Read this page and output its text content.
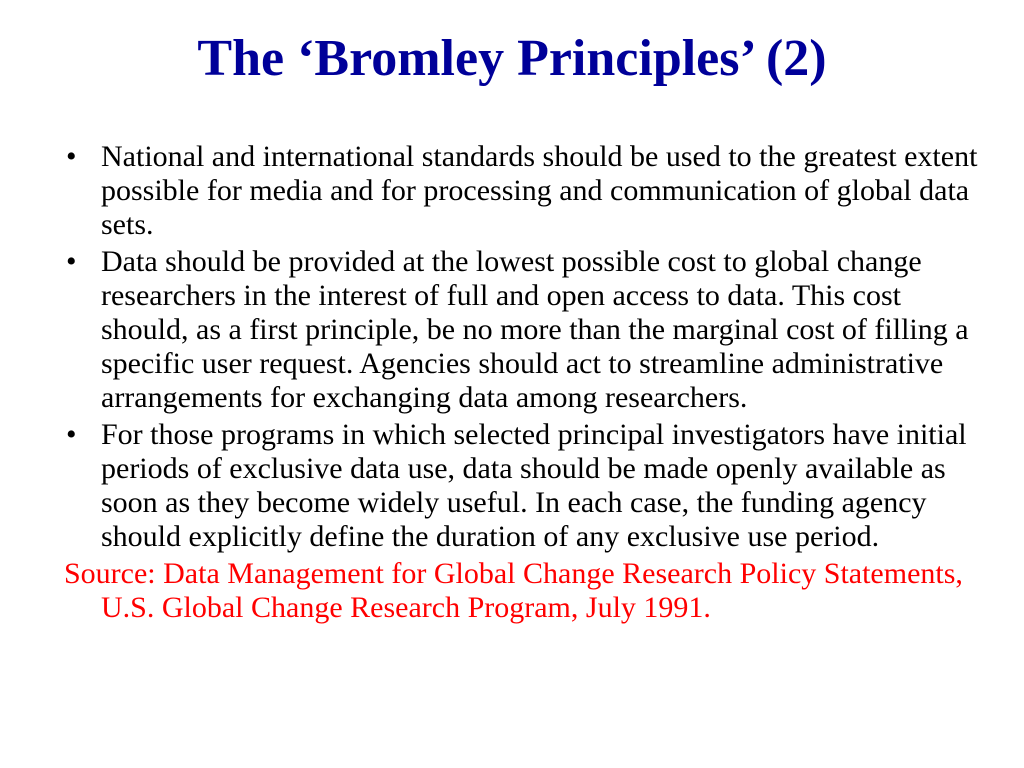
The ‘Bromley Principles’ (2)
• National and international standards should be used to the greatest extent possible for media and for processing and communication of global data sets.
• Data should be provided at the lowest possible cost to global change researchers in the interest of full and open access to data. This cost should, as a first principle, be no more than the marginal cost of filling a specific user request. Agencies should act to streamline administrative arrangements for exchanging data among researchers.
• For those programs in which selected principal investigators have initial periods of exclusive data use, data should be made openly available as soon as they become widely useful. In each case, the funding agency should explicitly define the duration of any exclusive use period.

Source: Data Management for Global Change Research Policy Statements, U.S. Global Change Research Program, July 1991.
